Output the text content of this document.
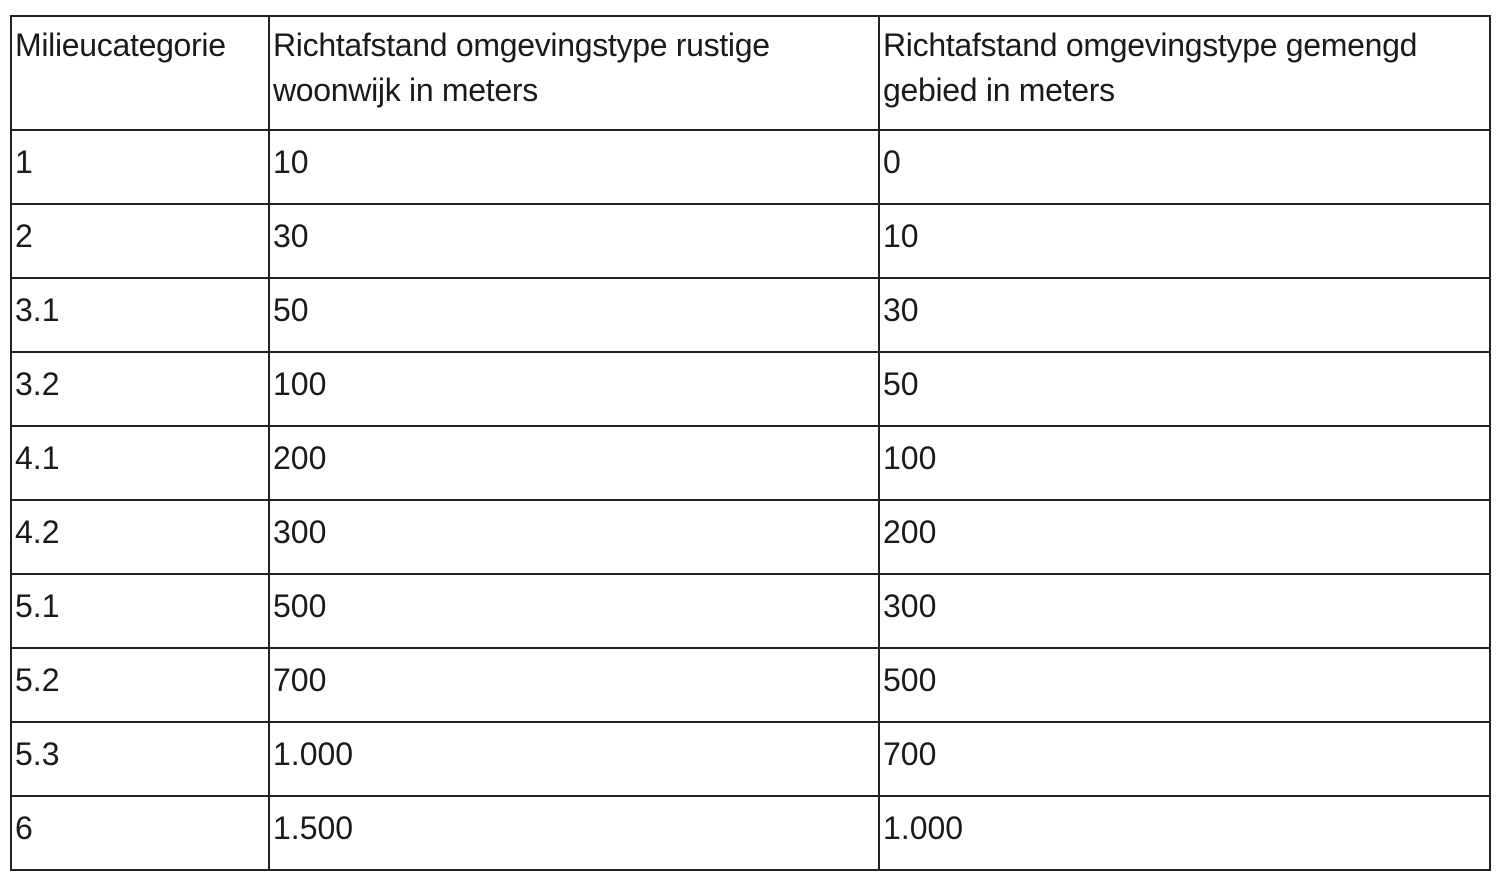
Milieucategorie	Richtafstand omgevingstype rustige woonwijk in meters	Richtafstand omgevingstype gemengd gebied in meters
1	10	0
2	30	10
3.1	50	30
3.2	100	50
4.1	200	100
4.2	300	200
5.1	500	300
5.2	700	500
5.3	1.000	700
6	1.500	1.000
